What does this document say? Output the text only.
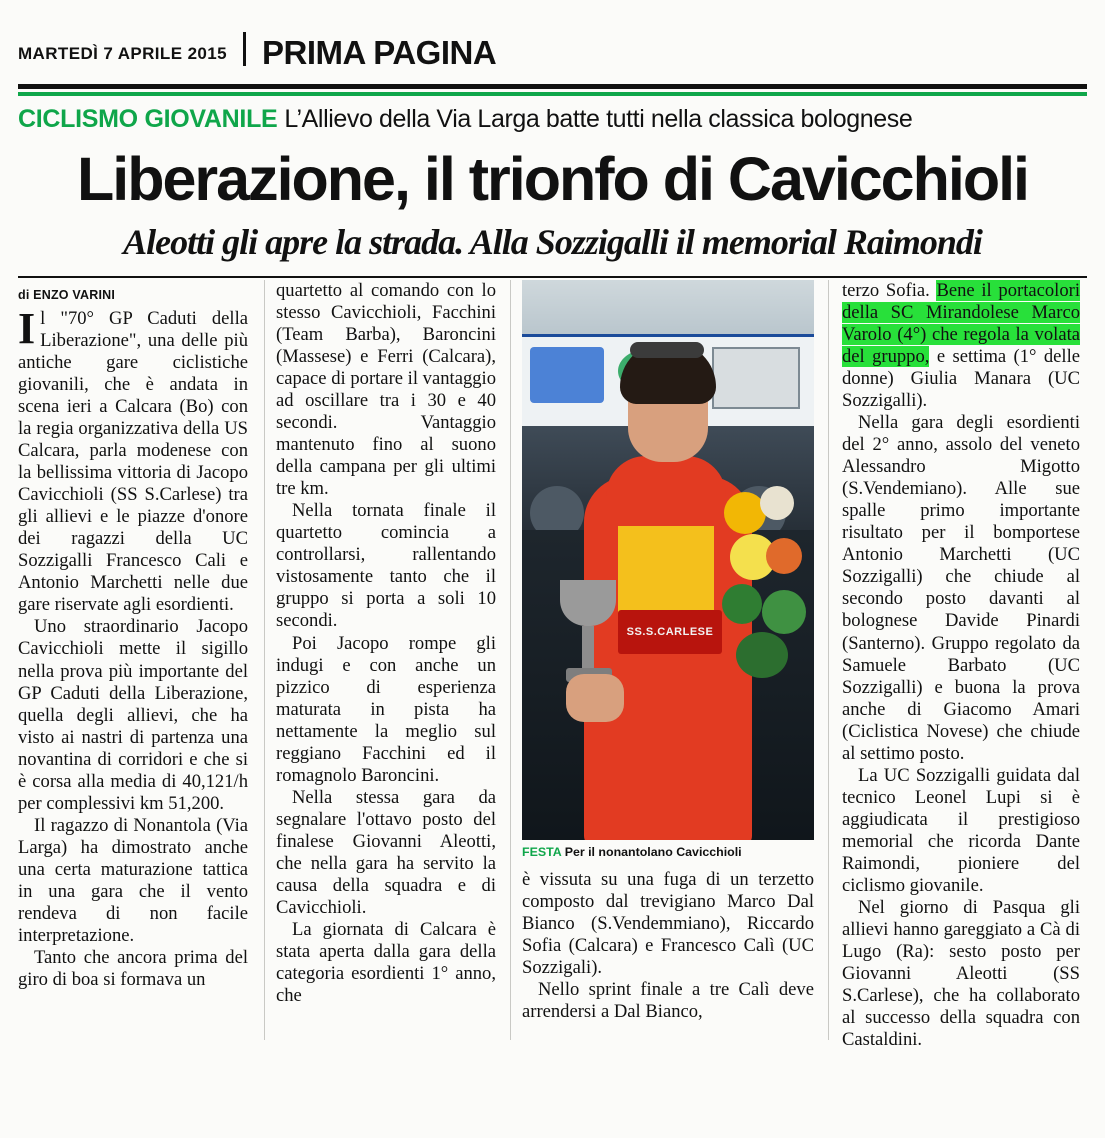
MARTEDÌ 7 APRILE 2015 PRIMA PAGINA
CICLISMO GIOVANILE L’Allievo della Via Larga batte tutti nella classica bolognese
Liberazione, il trionfo di Cavicchioli
Aleotti gli apre la strada. Alla Sozzigalli il memorial Raimondi
di ENZO VARINI

Il "70° GP Caduti della Liberazione", una delle più antiche gare ciclistiche giovanili, che è andata in scena ieri a Calcara (Bo) con la regia organizzativa della US Calcara, parla modenese con la bellissima vittoria di Jacopo Cavicchioli (SS S.Carlese) tra gli allievi e le piazze d'onore dei ragazzi della UC Sozzigalli Francesco Cali e Antonio Marchetti nelle due gare riservate agli esordienti.

Uno straordinario Jacopo Cavicchioli mette il sigillo nella prova più importante del GP Caduti della Liberazione, quella degli allievi, che ha visto ai nastri di partenza una novantina di corridori e che si è corsa alla media di 40,121/h per complessivi km 51,200.

Il ragazzo di Nonantola (Via Larga) ha dimostrato anche una certa maturazione tattica in una gara che il vento rendeva di non facile interpretazione.

Tanto che ancora prima del giro di boa si formava un

quartetto al comando con lo stesso Cavicchioli, Facchini (Team Barba), Baroncini (Massese) e Ferri (Calcara), capace di portare il vantaggio ad oscillare tra i 30 e 40 secondi. Vantaggio mantenuto fino al suono della campana per gli ultimi tre km.

Nella tornata finale il quartetto comincia a controllarsi, rallentando vistosamente tanto che il gruppo si porta a soli 10 secondi.

Poi Jacopo rompe gli indugi e con anche un pizzico di esperienza maturata in pista ha nettamente la meglio sul reggiano Facchini ed il romagnolo Baroncini.

Nella stessa gara da segnalare l'ottavo posto del finalese Giovanni Aleotti, che nella gara ha servito la causa della squadra e di Cavicchioli.

La giornata di Calcara è stata aperta dalla gara della categoria esordienti 1° anno, che

SS.S.CARLESE
FESTA Per il nonantolano Cavicchioli

è vissuta su una fuga di un terzetto composto dal trevigiano Marco Dal Bianco (S.Vendemmiano), Riccardo Sofia (Calcara) e Francesco Calì (UC Sozzigali).

Nello sprint finale a tre Calì deve arrendersi a Dal Bianco,

terzo Sofia. Bene il portacolori della SC Mirandolese Marco Varolo (4°) che regola la volata del gruppo, e settima (1° delle donne) Giulia Manara (UC Sozzigalli).

Nella gara degli esordienti del 2° anno, assolo del veneto Alessandro Migotto (S.Vendemiano). Alle sue spalle primo importante risultato per il bomportese Antonio Marchetti (UC Sozzigalli) che chiude al secondo posto davanti al bolognese Davide Pinardi (Santerno). Gruppo regolato da Samuele Barbato (UC Sozzigalli) e buona la prova anche di Giacomo Amari (Ciclistica Novese) che chiude al settimo posto.

La UC Sozzigalli guidata dal tecnico Leonel Lupi si è aggiudicata il prestigioso memorial che ricorda Dante Raimondi, pioniere del ciclismo giovanile.

Nel giorno di Pasqua gli allievi hanno gareggiato a Cà di Lugo (Ra): sesto posto per Giovanni Aleotti (SS S.Carlese), che ha collaborato al successo della squadra con Castaldini.
